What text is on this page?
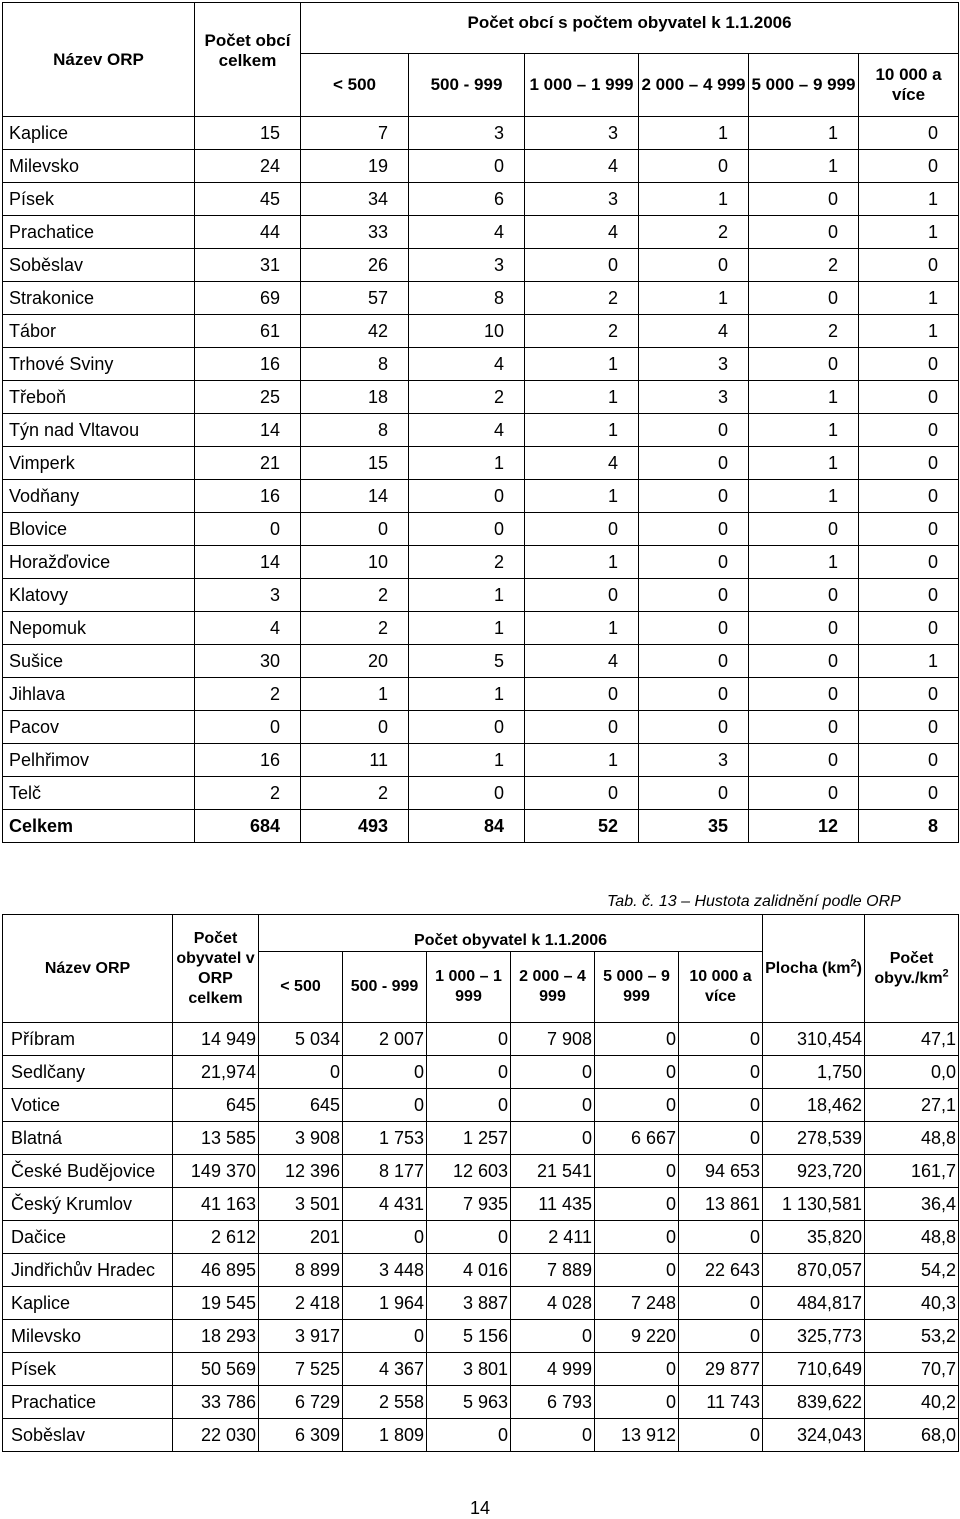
Název ORP	Počet obcí celkem	Počet obcí s počtem obyvatel k 1.1.2006					
		< 500	500 - 999	1 000 – 1 999	2 000 – 4 999	5 000 – 9 999	10 000 a více
Kaplice	15	7	3	3	1	1	0
Milevsko	24	19	0	4	0	1	0
Písek	45	34	6	3	1	0	1
Prachatice	44	33	4	4	2	0	1
Soběslav	31	26	3	0	0	2	0
Strakonice	69	57	8	2	1	0	1
Tábor	61	42	10	2	4	2	1
Trhové Sviny	16	8	4	1	3	0	0
Třeboň	25	18	2	1	3	1	0
Týn nad Vltavou	14	8	4	1	0	1	0
Vimperk	21	15	1	4	0	1	0
Vodňany	16	14	0	1	0	1	0
Blovice	0	0	0	0	0	0	0
Horažďovice	14	10	2	1	0	1	0
Klatovy	3	2	1	0	0	0	0
Nepomuk	4	2	1	1	0	0	0
Sušice	30	20	5	4	0	0	1
Jihlava	2	1	1	0	0	0	0
Pacov	0	0	0	0	0	0	0
Pelhřimov	16	11	1	1	3	0	0
Telč	2	2	0	0	0	0	0
Celkem	684	493	84	52	35	12	8
Tab. č. 13 – Hustota zalidnění podle ORP
Název ORP	Počet obyvatel v ORP celkem	Počet obyvatel k 1.1.2006						Plocha $(km^2)$	Počet $obyv./km^2$
		< 500	500 - 999	1 000 – 1 999	2 000 – 4 999	5 000 – 9 999	10 000 a více		
Příbram	14 949	5 034	2 007	0	7 908	0	0	310,454	47,1
Sedlčany	21,974	0	0	0	0	0	0	1,750	0,0
Votice	645	645	0	0	0	0	0	18,462	27,1
Blatná	13 585	3 908	1 753	1 257	0	6 667	0	278,539	48,8
České Budějovice	149 370	12 396	8 177	12 603	21 541	0	94 653	923,720	161,7
Český Krumlov	41 163	3 501	4 431	7 935	11 435	0	13 861	1 130,581	36,4
Dačice	2 612	201	0	0	2 411	0	0	35,820	48,8
Jindřichův Hradec	46 895	8 899	3 448	4 016	7 889	0	22 643	870,057	54,2
Kaplice	19 545	2 418	1 964	3 887	4 028	7 248	0	484,817	40,3
Milevsko	18 293	3 917	0	5 156	0	9 220	0	325,773	53,2
Písek	50 569	7 525	4 367	3 801	4 999	0	29 877	710,649	70,7
Prachatice	33 786	6 729	2 558	5 963	6 793	0	11 743	839,622	40,2
Soběslav	22 030	6 309	1 809	0	0	13 912	0	324,043	68,0
14
